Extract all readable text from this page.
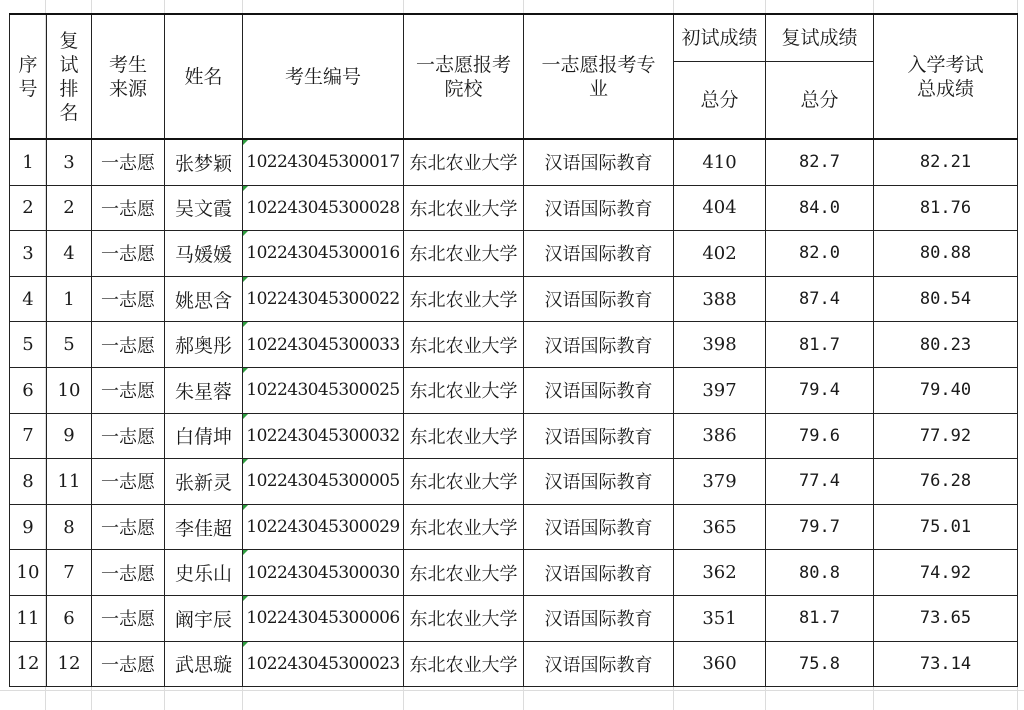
序号	复试排名	考生来源	姓名	考生编号	一志愿报考院校	一志愿报考专业	初试成绩	复试成绩	入学考试总成绩

							总分	总分	
1	3	一志愿	张梦颖	102243045300017	东北农业大学	汉语国际教育	410	82.7	82.21
2	2	一志愿	吴文霞	102243045300028	东北农业大学	汉语国际教育	404	84.0	81.76
3	4	一志愿	马媛媛	102243045300016	东北农业大学	汉语国际教育	402	82.0	80.88
4	1	一志愿	姚思含	102243045300022	东北农业大学	汉语国际教育	388	87.4	80.54
5	5	一志愿	郝奥彤	102243045300033	东北农业大学	汉语国际教育	398	81.7	80.23
6	10	一志愿	朱星蓉	102243045300025	东北农业大学	汉语国际教育	397	79.4	79.40
7	9	一志愿	白倩坤	102243045300032	东北农业大学	汉语国际教育	386	79.6	77.92
8	11	一志愿	张新灵	102243045300005	东北农业大学	汉语国际教育	379	77.4	76.28
9	8	一志愿	李佳超	102243045300029	东北农业大学	汉语国际教育	365	79.7	75.01
10	7	一志愿	史乐山	102243045300030	东北农业大学	汉语国际教育	362	80.8	74.92
11	6	一志愿	阚宇辰	102243045300006	东北农业大学	汉语国际教育	351	81.7	73.65
12	12	一志愿	武思璇	102243045300023	东北农业大学	汉语国际教育	360	75.8	73.14
